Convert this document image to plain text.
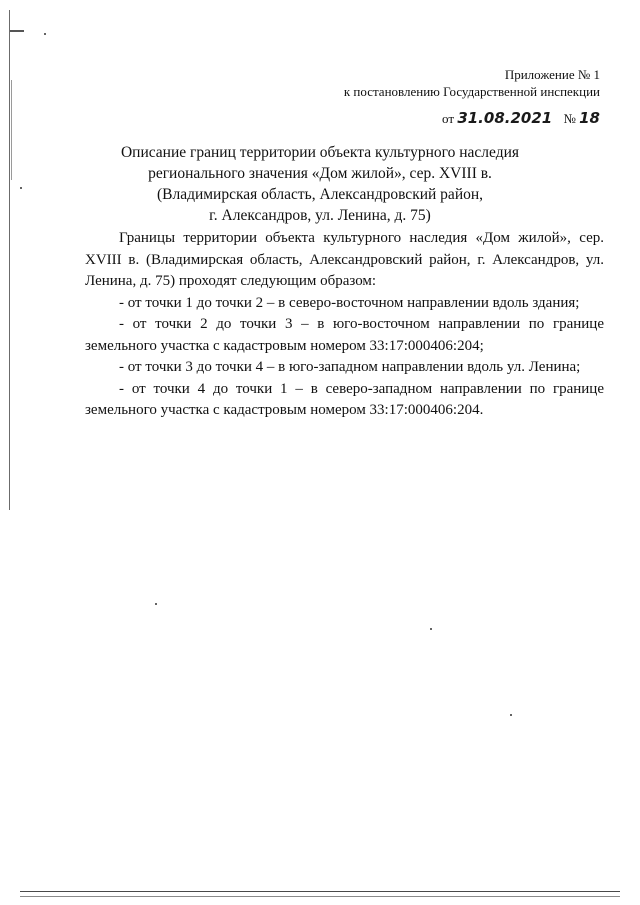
Приложение № 1
к постановлению Государственной инспекции
от 31.08.2021 № 18
Описание границ территории объекта культурного наследия
регионального значения «Дом жилой», сер. XVIII в.
(Владимирская область, Александровский район,
г. Александров, ул. Ленина, д. 75)

Границы территории объекта культурного наследия «Дом жилой», сер. XVIII в. (Владимирская область, Александровский район, г. Александров, ул. Ленина, д. 75) проходят следующим образом:

- от точки 1 до точки 2 – в северо-восточном направлении вдоль здания;

- от точки 2 до точки 3 – в юго-восточном направлении по границе земельного участка с кадастровым номером 33:17:000406:204;

- от точки 3 до точки 4 – в юго-западном направлении вдоль ул. Ленина;

- от точки 4 до точки 1 – в северо-западном направлении по границе земельного участка с кадастровым номером 33:17:000406:204.
